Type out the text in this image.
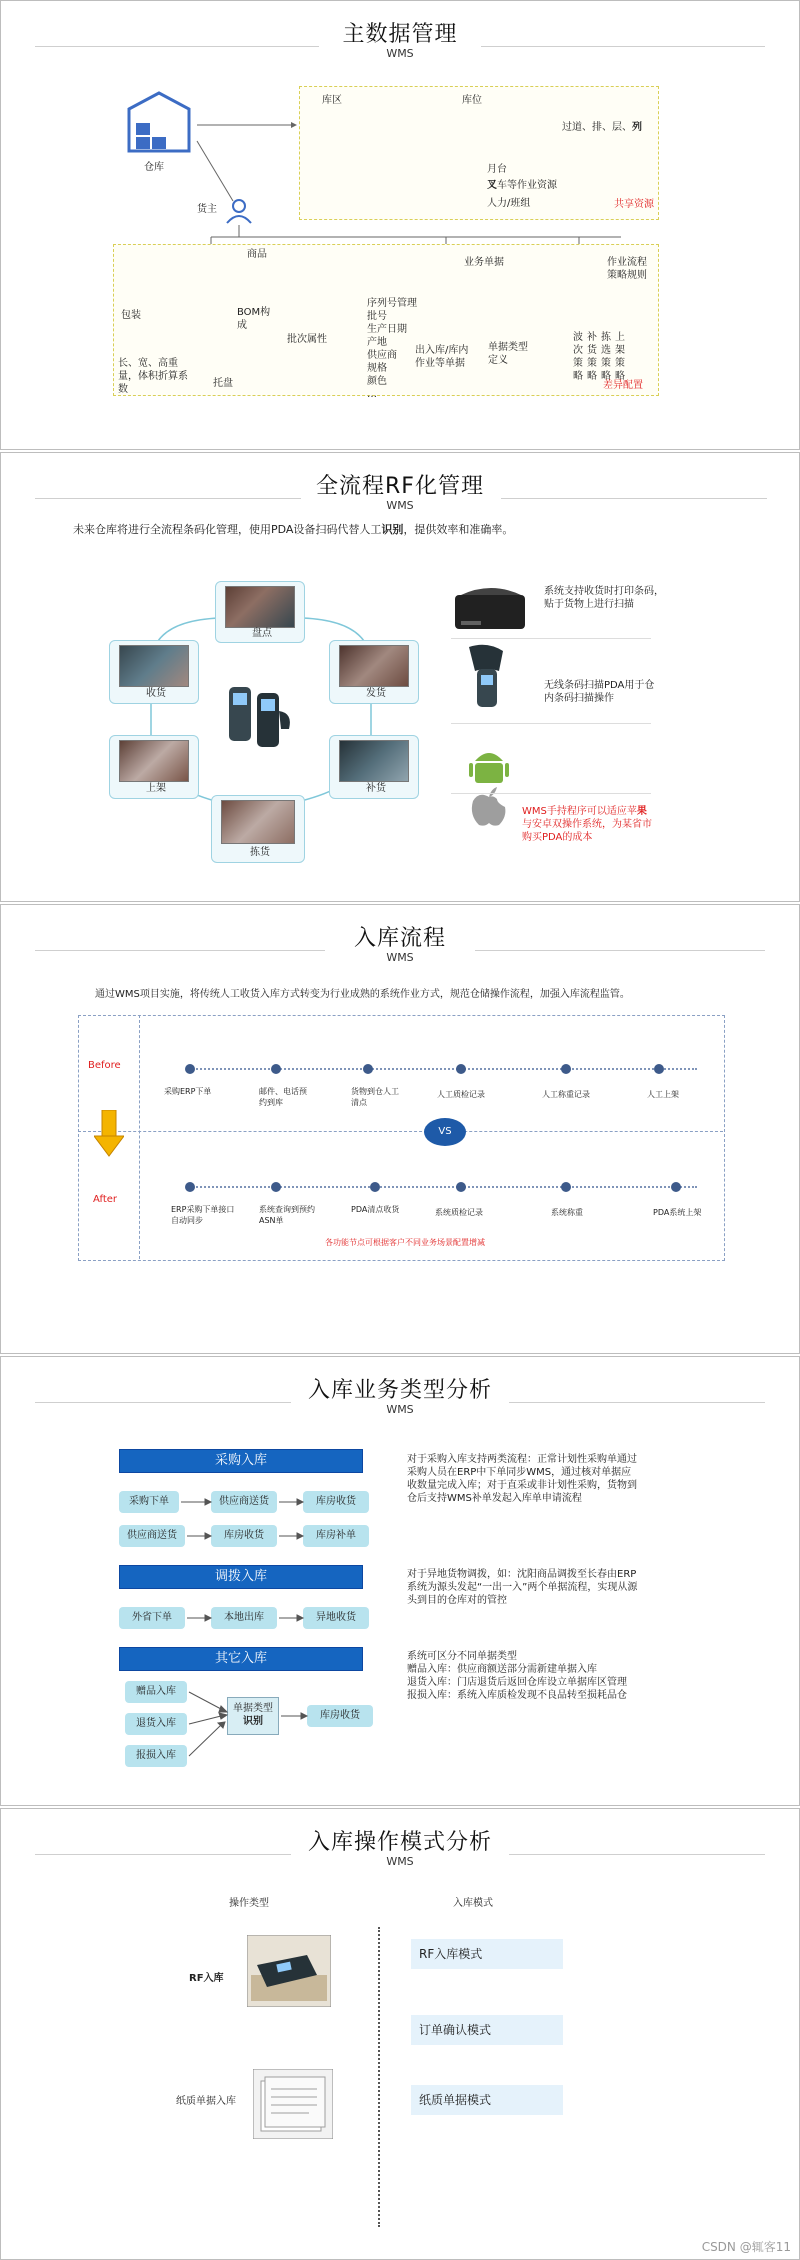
主数据管理
WMS
仓库
库区	库位
过道、排、层、列
月台
叉车等作业资源
人力/班组	共享资源
货主
商品
包装	BOM构成
批次属性
托盘
长、宽、高重量，体积折算系数
序列号管理
批号
生产日期
产地
供应商
规格
颜色
…
业务单据
出入库/库内作业等单据
单据类型定义
作业流程策略规则
波
次
策
略
补
货
策
略
拣
选
策
略
上
架
策
略
差异配置
全流程RF化管理
WMS
未来仓库将进行全流程条码化管理，使用PDA设备扫码代替人工识别，提供效率和准确率。
盘点
收货	发货
上架	补货
拣货
系统支持收货时打印条码，贴于货物上进行扫描
无线条码扫描PDA用于仓内条码扫描操作
WMS手持程序可以适应苹果与安卓双操作系统，为某省市购买PDA的成本
入库流程
WMS
通过WMS项目实施，将传统人工收货入库方式转变为行业成熟的系统作业方式，规范仓储操作流程，加强入库流程监管。
Before
After
VS
采购ERP下单	邮件、电话预约到库
货物到仓人工清点
人工质检记录	人工称重记录	人工上架
ERP采购下单接口自动同步
系统查询到预约ASN单
PDA清点收货	系统质检记录	系统称重	PDA系统上架
各功能节点可根据客户不同业务场景配置增减
入库业务类型分析
WMS
采购入库
采购下单	供应商送货	库房收货
供应商送货	库房收货	库房补单
调拨入库
外省下单	本地出库	异地收货
其它入库
赠品入库
退货入库
报损入库
单据类型
识别
库房收货
对于采购入库支持两类流程：正常计划性采购单通过采购人员在ERP中下单同步WMS，通过核对单据应收数量完成入库；对于直采或非计划性采购，货物到仓后支持WMS补单发起入库单申请流程
对于异地货物调拨，如：沈阳商品调拨至长春由ERP系统为源头发起“一出一入”两个单据流程，实现从源头到目的仓库对的管控
系统可区分不同单据类型
赠品入库：供应商额送部分需新建单据入库
退货入库：门店退货后返回仓库设立单据库区管理
报损入库：系统入库质检发现不良品转至损耗品仓
入库操作模式分析
WMS
操作类型	入库模式
RF入库
纸质单据入库
RF入库模式
订单确认模式
纸质单据模式
CSDN @辄客11
